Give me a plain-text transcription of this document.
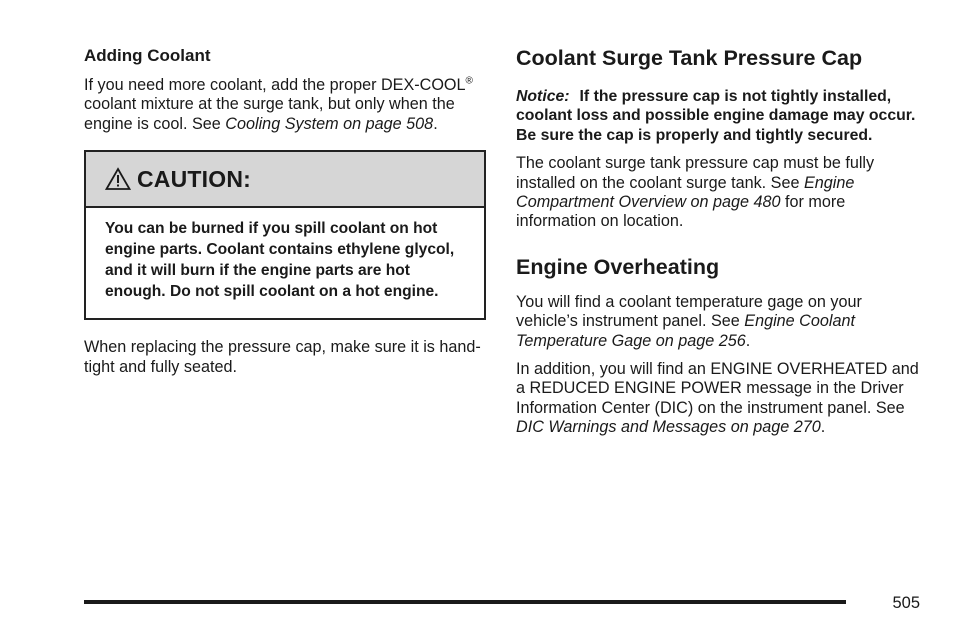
Adding Coolant

If you need more coolant, add the proper DEX-COOL® coolant mixture at the surge tank, but only when the engine is cool. See Cooling System on page 508.

CAUTION:
You can be burned if you spill coolant on hot engine parts. Coolant contains ethylene glycol, and it will burn if the engine parts are hot enough. Do not spill coolant on a hot engine.

When replacing the pressure cap, make sure it is hand-tight and fully seated.

Coolant Surge Tank Pressure Cap
Notice: If the pressure cap is not tightly installed, coolant loss and possible engine damage may occur. Be sure the cap is properly and tightly secured.

The coolant surge tank pressure cap must be fully installed on the coolant surge tank. See Engine Compartment Overview on page 480 for more information on location.

Engine Overheating

You will find a coolant temperature gage on your vehicle’s instrument panel. See Engine Coolant Temperature Gage on page 256.

In addition, you will find an ENGINE OVERHEATED and a REDUCED ENGINE POWER message in the Driver Information Center (DIC) on the instrument panel. See DIC Warnings and Messages on page 270.

505
